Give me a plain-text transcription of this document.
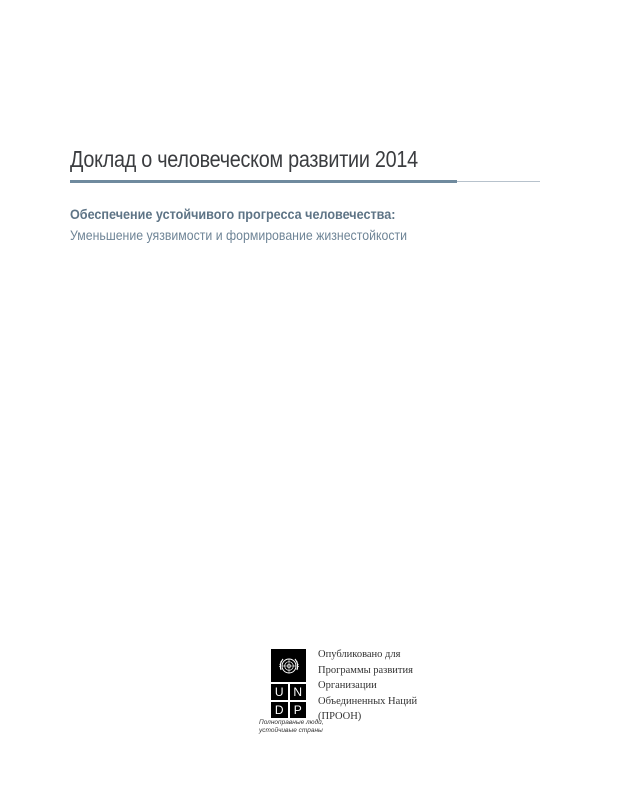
Доклад о человеческом развитии 2014
Обеспечение устойчивого прогресса человечества:
Уменьшение уязвимости и формирование жизнестойкости
U N
D P
Полноправные люди,
устойчивые страны
Опубликовано для
Программы развития
Организации
Объединенных Наций
(ПРООН)
